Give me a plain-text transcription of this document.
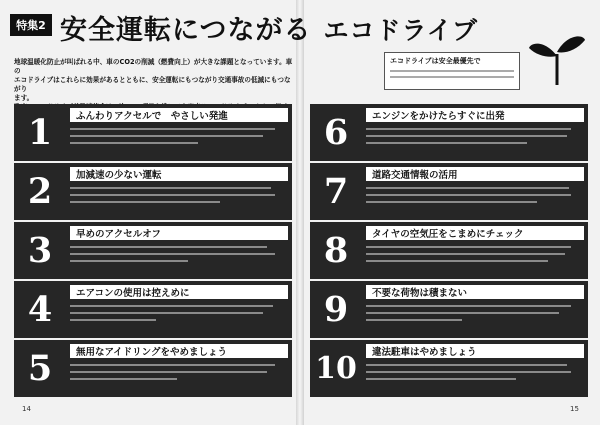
特集2 安全運転につながる エコドライブ
地球温暖化防止が叫ばれる中、車のCO2の削減（燃費向上）が大きな課題となっています。車の
エコドライブはこれらに効果があるとともに、安全運転にもつながり交通事故の低減にもつながり
ます。
エコドライブは安全最優先で
1	ふんわりアクセルで　やさしい発進
2	加減速の少ない運転
3	早めのアクセルオフ
4	エアコンの使用は控えめに
5	無用なアイドリングをやめましょう
6	エンジンをかけたらすぐに出発
7	道路交通情報の活用
8	タイヤの空気圧をこまめにチェック
9	不要な荷物は積まない
10	違法駐車はやめましょう
14	15
